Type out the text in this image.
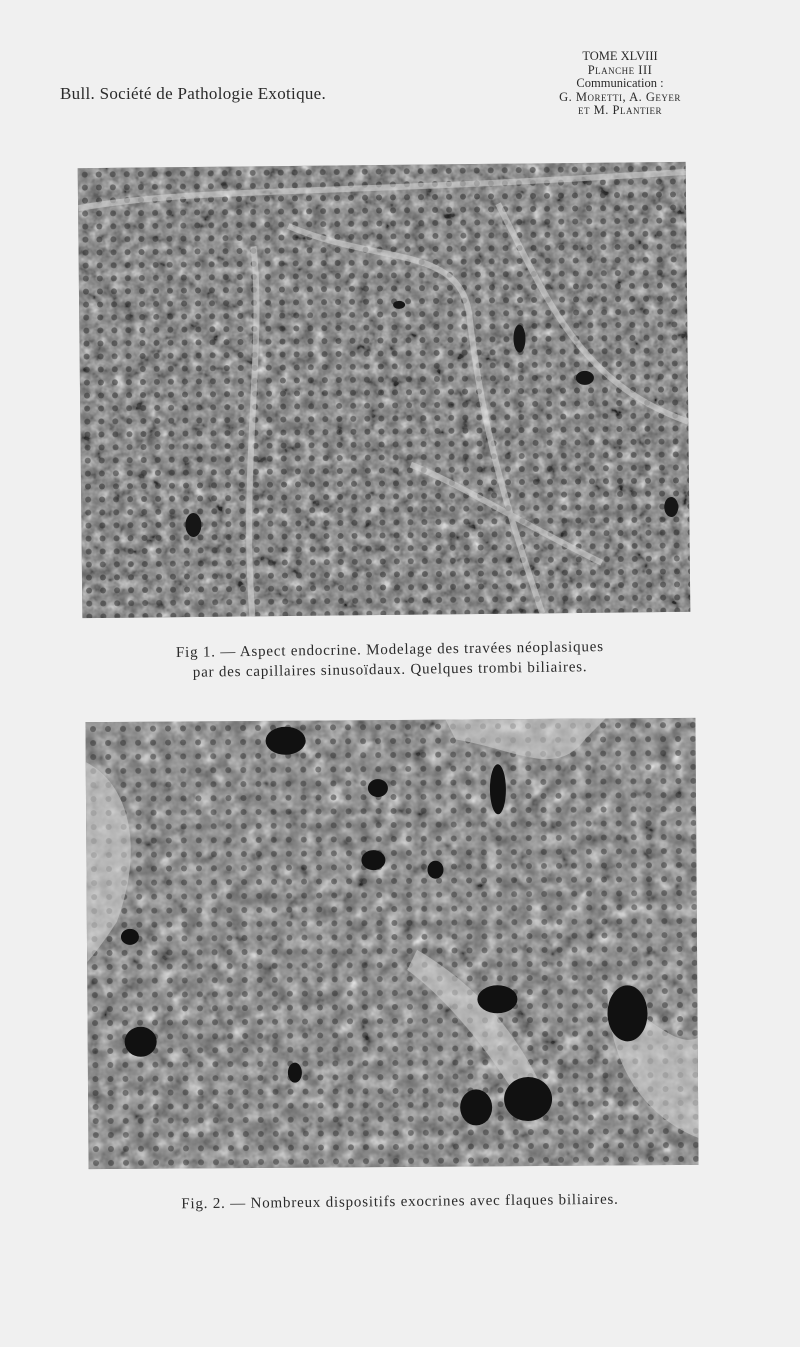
Bull. Société de Pathologie Exotique.
TOME XLVIII
Planche III
Communication :
G. Moretti, A. Geyer
et M. Plantier
Fig 1. — Aspect endocrine. Modelage des travées néoplasiques
par des capillaires sinusoïdaux. Quelques trombi biliaires.
Fig. 2. — Nombreux dispositifs exocrines avec flaques biliaires.
